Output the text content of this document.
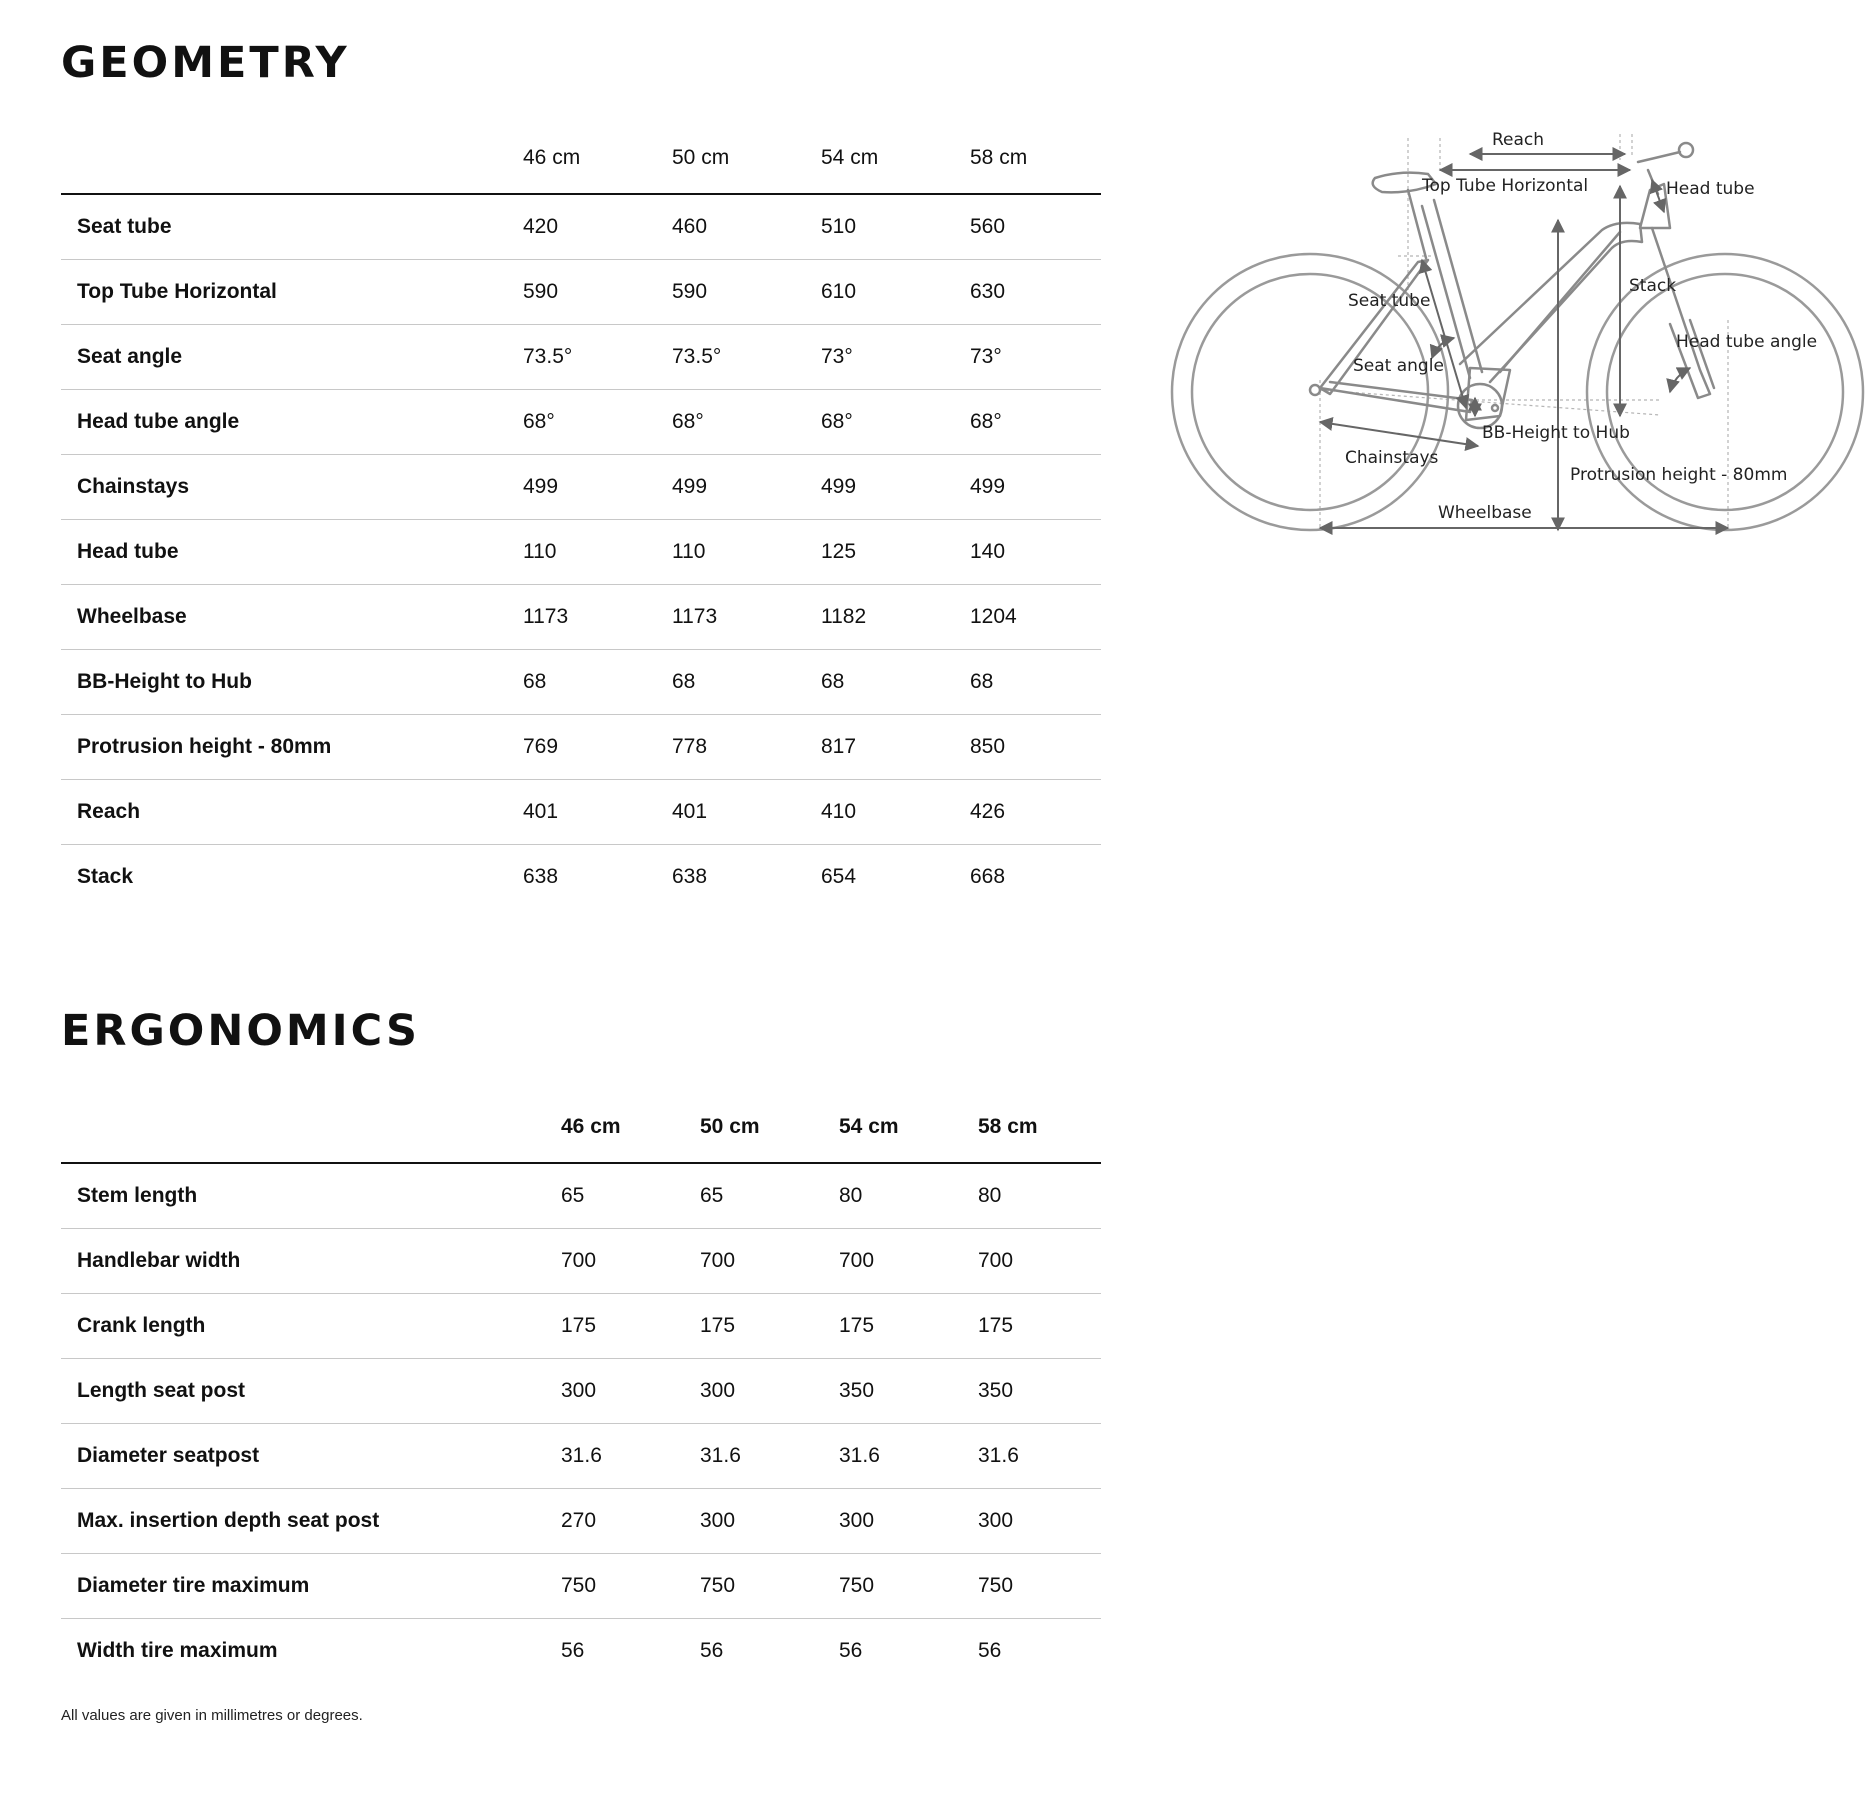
GEOMETRY
	46 cm	50 cm	54 cm	58 cm
Seat tube	420	460	510	560
Top Tube Horizontal	590	590	610	630
Seat angle	73.5°	73.5°	73°	73°
Head tube angle	68°	68°	68°	68°
Chainstays	499	499	499	499
Head tube	110	110	125	140
Wheelbase	1173	1173	1182	1204
BB-Height to Hub	68	68	68	68
Protrusion height - 80mm	769	778	817	850
Reach	401	401	410	426
Stack	638	638	654	668
Reach
Top Tube Horizontal	Head tube
Stack
Seat tube
Head tube angle
Seat angle
BB-Height to Hub
Chainstays
Protrusion height - 80mm
Wheelbase
ERGONOMICS
	46 cm	50 cm	54 cm	58 cm
Stem length	65	65	80	80
Handlebar width	700	700	700	700
Crank length	175	175	175	175
Length seat post	300	300	350	350
Diameter seatpost	31.6	31.6	31.6	31.6
Max. insertion depth seat post	270	300	300	300
Diameter tire maximum	750	750	750	750
Width tire maximum	56	56	56	56
All values are given in millimetres or degrees.
